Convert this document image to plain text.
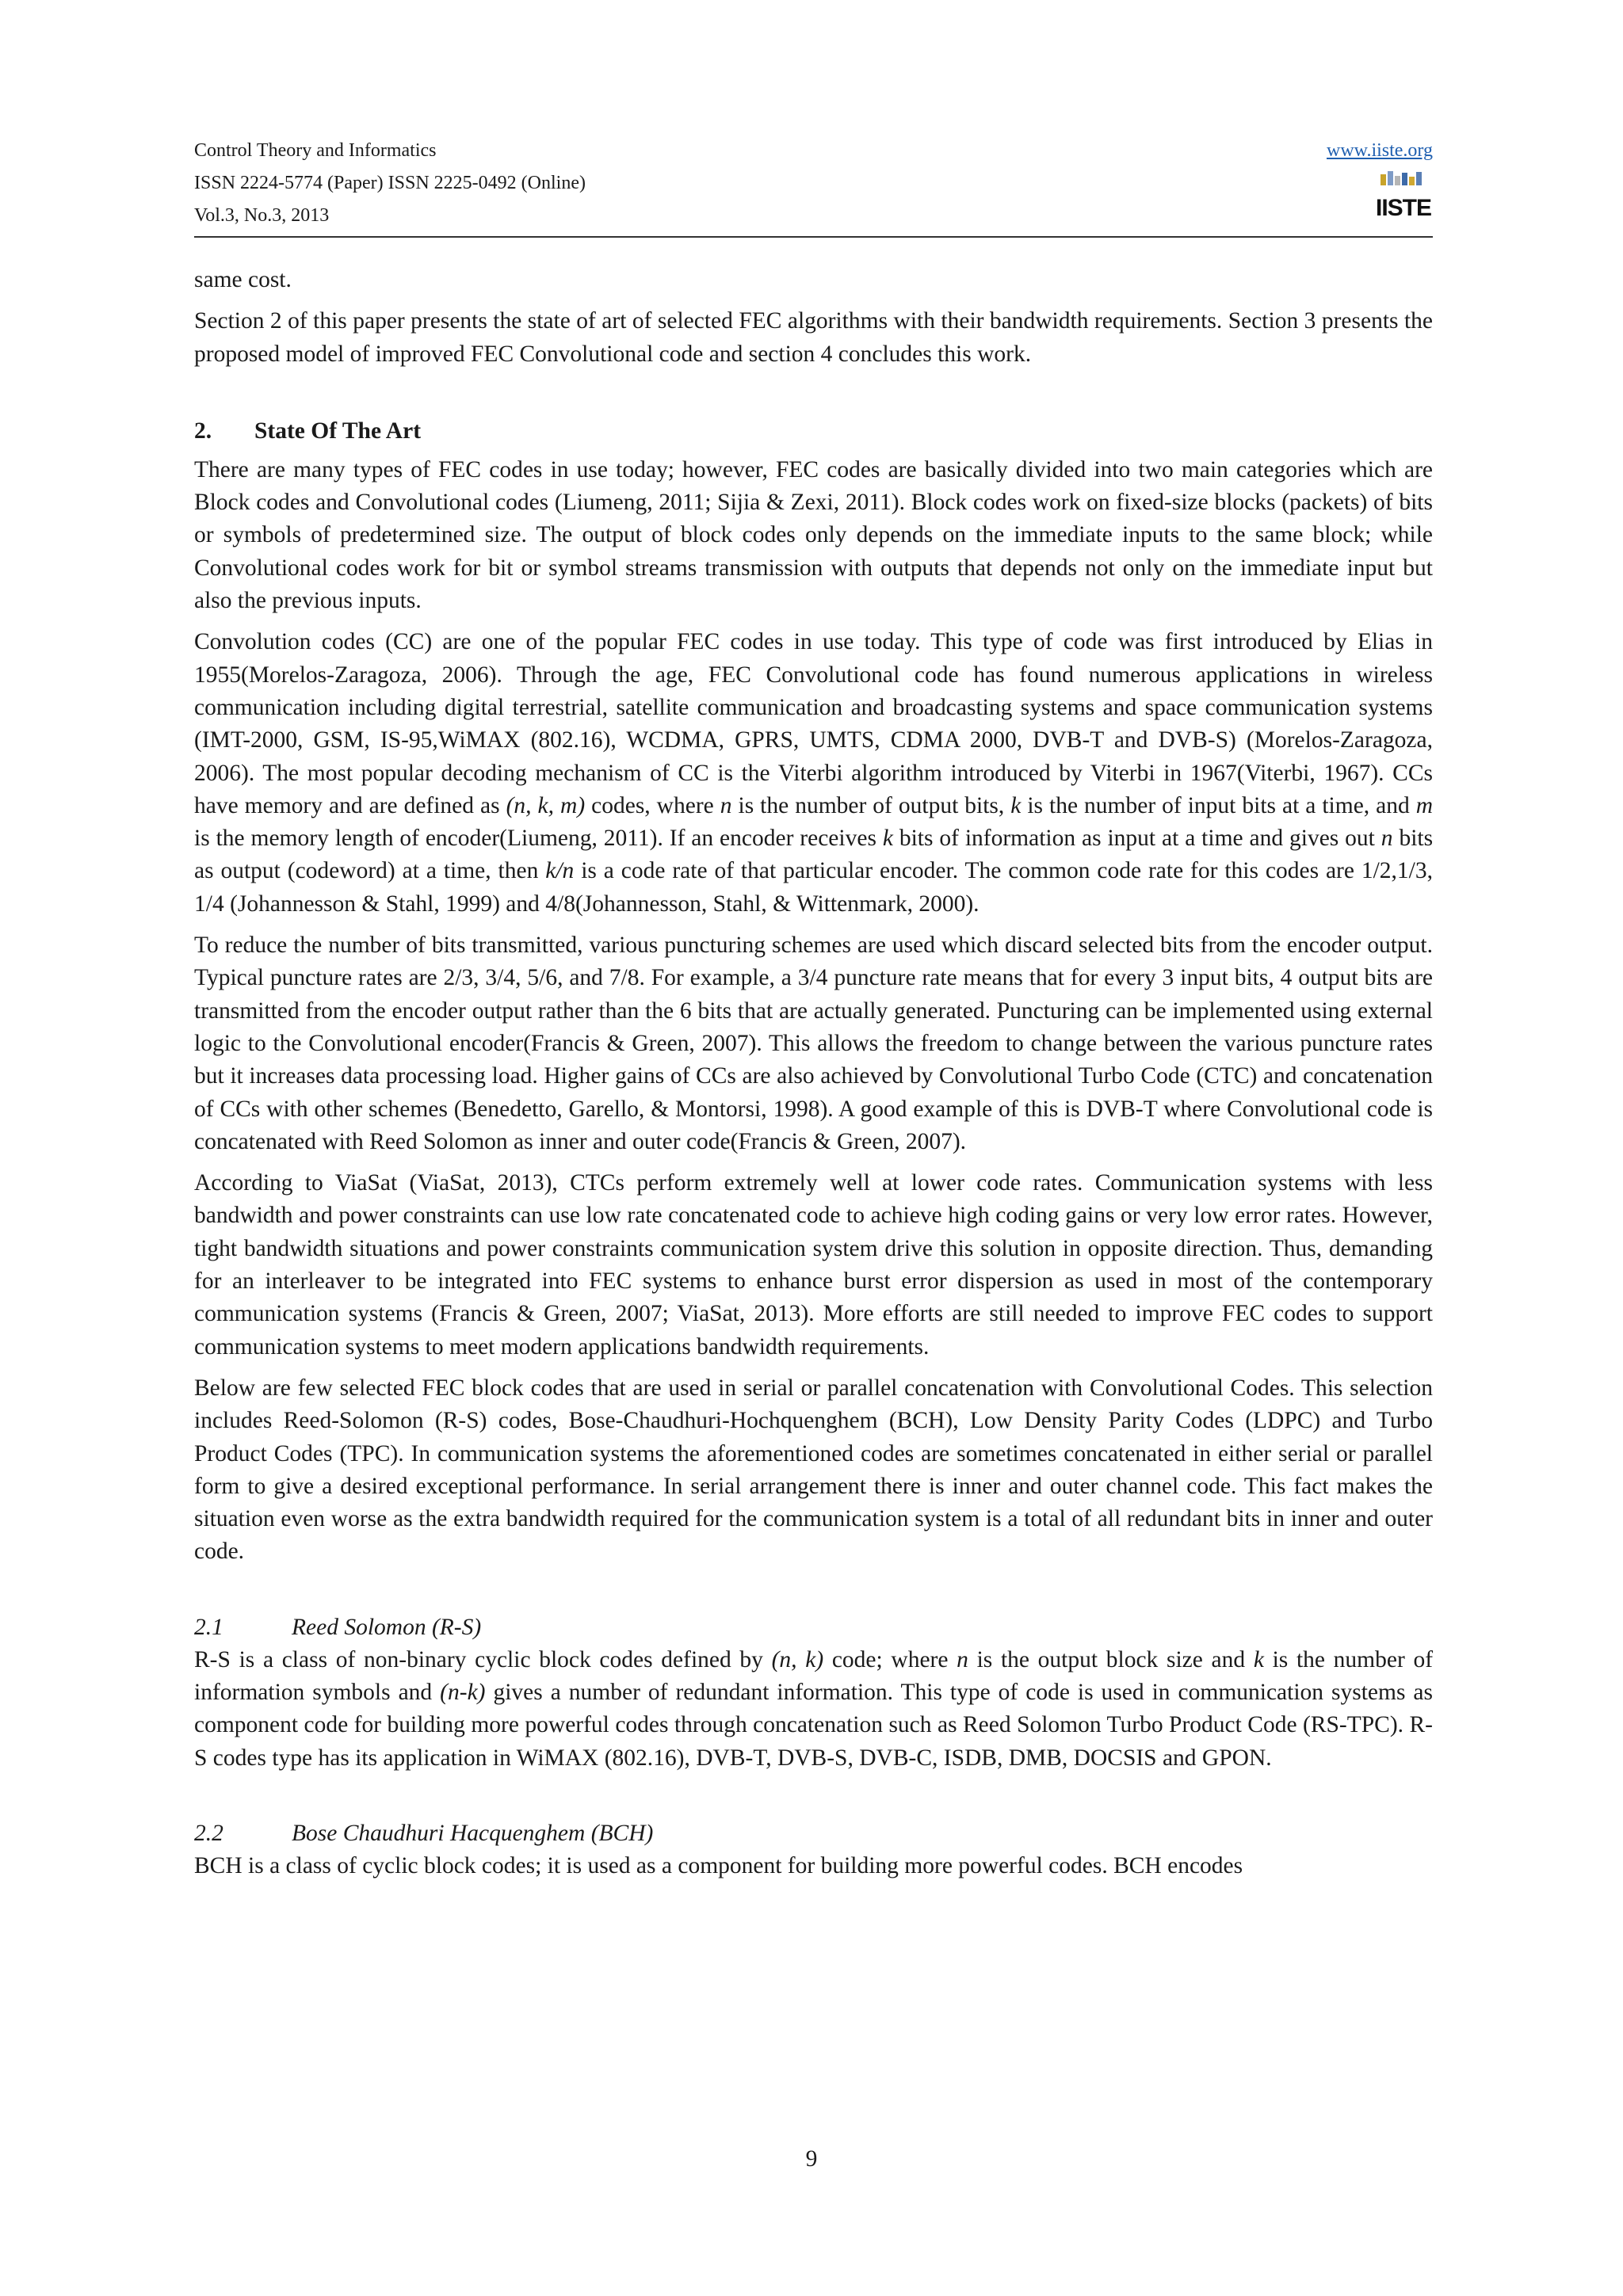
Control Theory and Informatics
ISSN 2224-5774 (Paper) ISSN 2225-0492 (Online)
Vol.3, No.3, 2013
www.iiste.org
IISTE

same cost.

Section 2 of this paper presents the state of art of selected FEC algorithms with their bandwidth requirements. Section 3 presents the proposed model of improved FEC Convolutional code and section 4 concludes this work.

2. State Of The Art

There are many types of FEC codes in use today; however, FEC codes are basically divided into two main categories which are Block codes and Convolutional codes (Liumeng, 2011; Sijia & Zexi, 2011). Block codes work on fixed-size blocks (packets) of bits or symbols of predetermined size. The output of block codes only depends on the immediate inputs to the same block; while Convolutional codes work for bit or symbol streams transmission with outputs that depends not only on the immediate input but also the previous inputs.

Convolution codes (CC) are one of the popular FEC codes in use today. This type of code was first introduced by Elias in 1955(Morelos-Zaragoza, 2006). Through the age, FEC Convolutional code has found numerous applications in wireless communication including digital terrestrial, satellite communication and broadcasting systems and space communication systems (IMT-2000, GSM, IS-95,WiMAX (802.16), WCDMA, GPRS, UMTS, CDMA 2000, DVB-T and DVB-S) (Morelos-Zaragoza, 2006). The most popular decoding mechanism of CC is the Viterbi algorithm introduced by Viterbi in 1967(Viterbi, 1967). CCs have memory and are defined as (n, k, m) codes, where n is the number of output bits, k is the number of input bits at a time, and m is the memory length of encoder(Liumeng, 2011). If an encoder receives k bits of information as input at a time and gives out n bits as output (codeword) at a time, then k/n is a code rate of that particular encoder. The common code rate for this codes are 1/2,1/3, 1/4 (Johannesson & Stahl, 1999) and 4/8(Johannesson, Stahl, & Wittenmark, 2000).

To reduce the number of bits transmitted, various puncturing schemes are used which discard selected bits from the encoder output. Typical puncture rates are 2/3, 3/4, 5/6, and 7/8. For example, a 3/4 puncture rate means that for every 3 input bits, 4 output bits are transmitted from the encoder output rather than the 6 bits that are actually generated. Puncturing can be implemented using external logic to the Convolutional encoder(Francis & Green, 2007). This allows the freedom to change between the various puncture rates but it increases data processing load. Higher gains of CCs are also achieved by Convolutional Turbo Code (CTC) and concatenation of CCs with other schemes (Benedetto, Garello, & Montorsi, 1998). A good example of this is DVB-T where Convolutional code is concatenated with Reed Solomon as inner and outer code(Francis & Green, 2007).

According to ViaSat (ViaSat, 2013), CTCs perform extremely well at lower code rates. Communication systems with less bandwidth and power constraints can use low rate concatenated code to achieve high coding gains or very low error rates. However, tight bandwidth situations and power constraints communication system drive this solution in opposite direction. Thus, demanding for an interleaver to be integrated into FEC systems to enhance burst error dispersion as used in most of the contemporary communication systems (Francis & Green, 2007; ViaSat, 2013). More efforts are still needed to improve FEC codes to support communication systems to meet modern applications bandwidth requirements.

Below are few selected FEC block codes that are used in serial or parallel concatenation with Convolutional Codes. This selection includes Reed-Solomon (R-S) codes, Bose-Chaudhuri-Hochquenghem (BCH), Low Density Parity Codes (LDPC) and Turbo Product Codes (TPC). In communication systems the aforementioned codes are sometimes concatenated in either serial or parallel form to give a desired exceptional performance. In serial arrangement there is inner and outer channel code. This fact makes the situation even worse as the extra bandwidth required for the communication system is a total of all redundant bits in inner and outer code.

2.1	Reed Solomon (R-S)

R-S is a class of non-binary cyclic block codes defined by (n, k) code; where n is the output block size and k is the number of information symbols and (n-k) gives a number of redundant information. This type of code is used in communication systems as component code for building more powerful codes through concatenation such as Reed Solomon Turbo Product Code (RS-TPC). R-S codes type has its application in WiMAX (802.16), DVB-T, DVB-S, DVB-C, ISDB, DMB, DOCSIS and GPON.

2.2	Bose Chaudhuri Hacquenghem (BCH)

BCH is a class of cyclic block codes; it is used as a component for building more powerful codes. BCH encodes

9
